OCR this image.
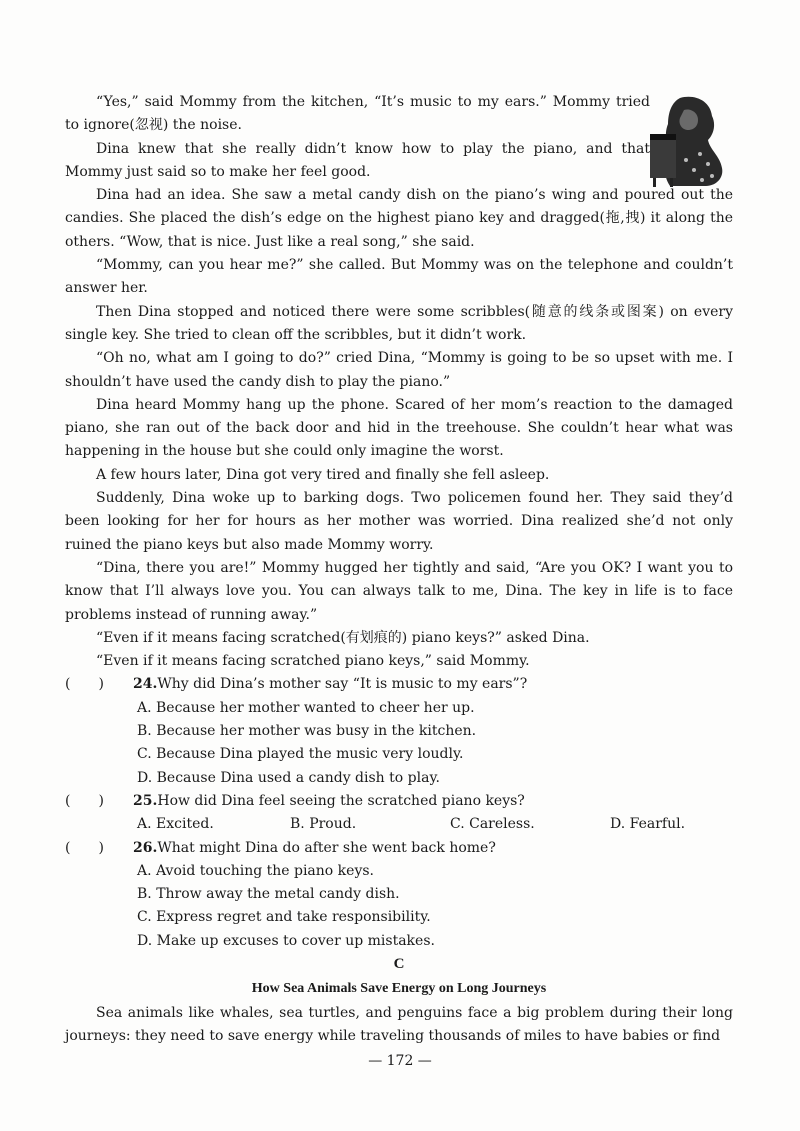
“Yes,” said Mommy from the kitchen, “It’s music to my ears.” Mommy tried to ignore(忽视) the noise.

Dina knew that she really didn’t know how to play the piano, and that Mommy just said so to make her feel good.

Dina had an idea. She saw a metal candy dish on the piano’s wing and poured out the candies. She placed the dish’s edge on the highest piano key and dragged(拖,拽) it along the others. “Wow, that is nice. Just like a real song,” she said.

“Mommy, can you hear me?” she called. But Mommy was on the telephone and couldn’t answer her.

Then Dina stopped and noticed there were some scribbles(随意的线条或图案) on every single key. She tried to clean off the scribbles, but it didn’t work.

“Oh no, what am I going to do?” cried Dina, “Mommy is going to be so upset with me. I shouldn’t have used the candy dish to play the piano.”

Dina heard Mommy hang up the phone. Scared of her mom’s reaction to the damaged piano, she ran out of the back door and hid in the treehouse. She couldn’t hear what was happening in the house but she could only imagine the worst.

A few hours later, Dina got very tired and finally she fell asleep.

Suddenly, Dina woke up to barking dogs. Two policemen found her. They said they’d been looking for her for hours as her mother was worried. Dina realized she’d not only ruined the piano keys but also made Mommy worry.

“Dina, there you are!” Mommy hugged her tightly and said, “Are you OK? I want you to know that I’ll always love you. You can always talk to me, Dina. The key in life is to face problems instead of running away.”

“Even if it means facing scratched(有划痕的) piano keys?” asked Dina.

“Even if it means facing scratched piano keys,” said Mommy.

(　　)	24. Why did Dina’s mother say “It is music to my ears”?

A. Because her mother wanted to cheer her up.

B. Because her mother was busy in the kitchen.

C. Because Dina played the music very loudly.

D. Because Dina used a candy dish to play.

(　　)	25. How did Dina feel seeing the scratched piano keys?
A. Excited.	B. Proud.	C. Careless.	D. Fearful.
(　　)	26. What might Dina do after she went back home?

A. Avoid touching the piano keys.

B. Throw away the metal candy dish.

C. Express regret and take responsibility.

D. Make up excuses to cover up mistakes.

C

How Sea Animals Save Energy on Long Journeys

Sea animals like whales, sea turtles, and penguins face a big problem during their long journeys: they need to save energy while traveling thousands of miles to have babies or find

— 172 —
